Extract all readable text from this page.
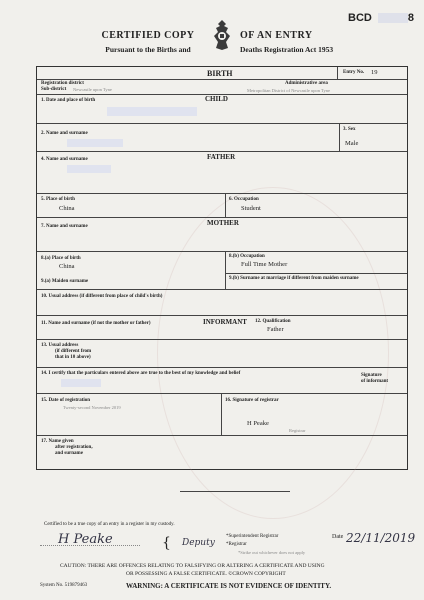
CERTIFIED COPY
Pursuant to the Births and
OF AN ENTRY
Deaths Registration Act 1953
BCD	8
BIRTH	Entry No. 19
Registration district
Sub-district Newcastle upon Tyne
Administrative area
Metropolitan District of Newcastle upon Tyne
CHILD
1. Date and place of birth
2. Name and surname
3. Sex
Male
FATHER
4. Name and surname
5. Place of birth
China
6. Occupation
Student
MOTHER
7. Name and surname
8.(a) Place of birth
China
8.(b) Occupation
Full Time Mother
9.(b) Surname at marriage if different from maiden surname
9.(a) Maiden surname
10. Usual address (if different from place of child's birth)
11. Name and surname (if not the mother or father)	INFORMANT 12. Qualification
Father
13. Usual address
(if different from
that in 10 above)
14. I certify that the particulars entered above are true to the best of my knowledge and belief	Signature
of informant
15. Date of registration
Twenty-second November 2019
16. Signature of registrar
H Peake
Registrar
17. Name given
after registration,
and surname
Certified to be a true copy of an entry in a register in my custody.
H Peake	{ Deputy
*Superintendent Registrar
*Registrar
*Strike out whichever does not apply
Date 22/11/2019
CAUTION: THERE ARE OFFENCES RELATING TO FALSIFYING OR ALTERING A CERTIFICATE AND USING
OR POSSESSING A FALSE CERTIFICATE. ©CROWN COPYRIGHT
System No. 519879463	WARNING: A CERTIFICATE IS NOT EVIDENCE OF IDENTITY.
